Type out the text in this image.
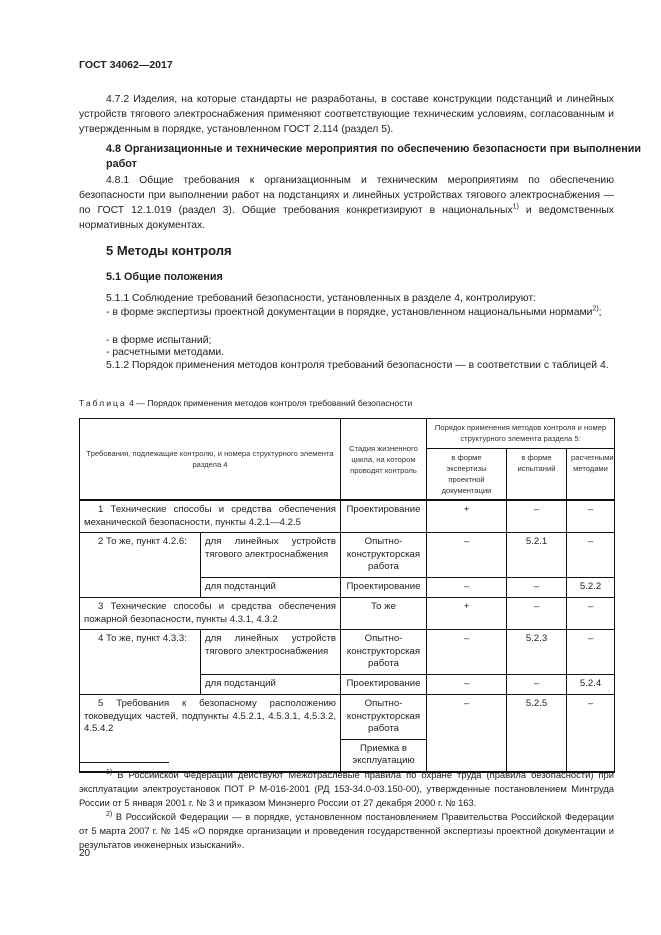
ГОСТ 34062—2017
4.7.2 Изделия, на которые стандарты не разработаны, в составе конструкции подстанций и линейных устройств тягового электроснабжения применяют соответствующие техническим условиям, согласованным и утвержденным в порядке, установленном ГОСТ 2.114 (раздел 5).
4.8 Организационные и технические мероприятия по обеспечению безопасности при выполнении работ
4.8.1 Общие требования к организационным и техническим мероприятиям по обеспечению безопасности при выполнении работ на подстанциях и линейных устройствах тягового электроснабжения — по ГОСТ 12.1.019 (раздел 3). Общие требования конкретизируют в национальных$^{1)}$ и ведомственных нормативных документах.
5 Методы контроля
5.1 Общие положения
5.1.1 Соблюдение требований безопасности, установленных в разделе 4, контролируют:
- в форме экспертизы проектной документации в порядке, установленном национальными нормами$^{2)}$;
- в форме испытаний;
- расчетными методами.
5.1.2 Порядок применения методов контроля требований безопасности — в соответствии с таблицей 4.
Таблица 4 — Порядок применения методов контроля требований безопасности
Требования, подлежащие контролю, и номера структурного элемента раздела 4		Стадия жизненного цикла, на котором проводят контроль	Порядок применения методов контроля и номер структурного элемента раздела 5:		
			в форме экспертизы проектной документации	в форме испытаний	расчетными методами
1 Технические способы и средства обеспечения механической безопасности, пункты 4.2.1—4.2.5		Проектирование	+	–	–
2 То же, пункт 4.2.6:	для линейных устройств тягового электроснабжения	Опытно-конструкторская работа	–	5.2.1	–
	для подстанций	Проектирование	–	–	5.2.2
3 Технические способы и средства обеспечения пожарной безопасности, пункты 4.3.1, 4.3.2		То же	+	–	–
4 То же, пункт 4.3.3:	для линейных устройств тягового электроснабжения	Опытно-конструкторская работа	–	5.2.3	–
	для подстанций	Проектирование	–	–	5.2.4
5 Требования к безопасному расположению токоведущих частей, подпункты 4.5.2.1, 4.5.3.1, 4.5.3.2, 4.5.4.2		Опытно-конструкторская работа	–	5.2.5	–
		Приемка в эксплуатацию			
$^{1)}$ В Российской Федерации действуют Межотраслевые правила по охране труда (правила безопасности) при эксплуатации электроустановок ПОТ Р М-016-2001 (РД 153-34.0-03.150-00), утвержденные постановлением Минтруда России от 5 января 2001 г. № 3 и приказом Минэнерго России от 27 декабря 2000 г. № 163.
$^{2)}$ В Российской Федерации — в порядке, установленном постановлением Правительства Российской Федерации от 5 марта 2007 г. № 145 «О порядке организации и проведения государственной экспертизы проектной документации и результатов инженерных изысканий».
20
